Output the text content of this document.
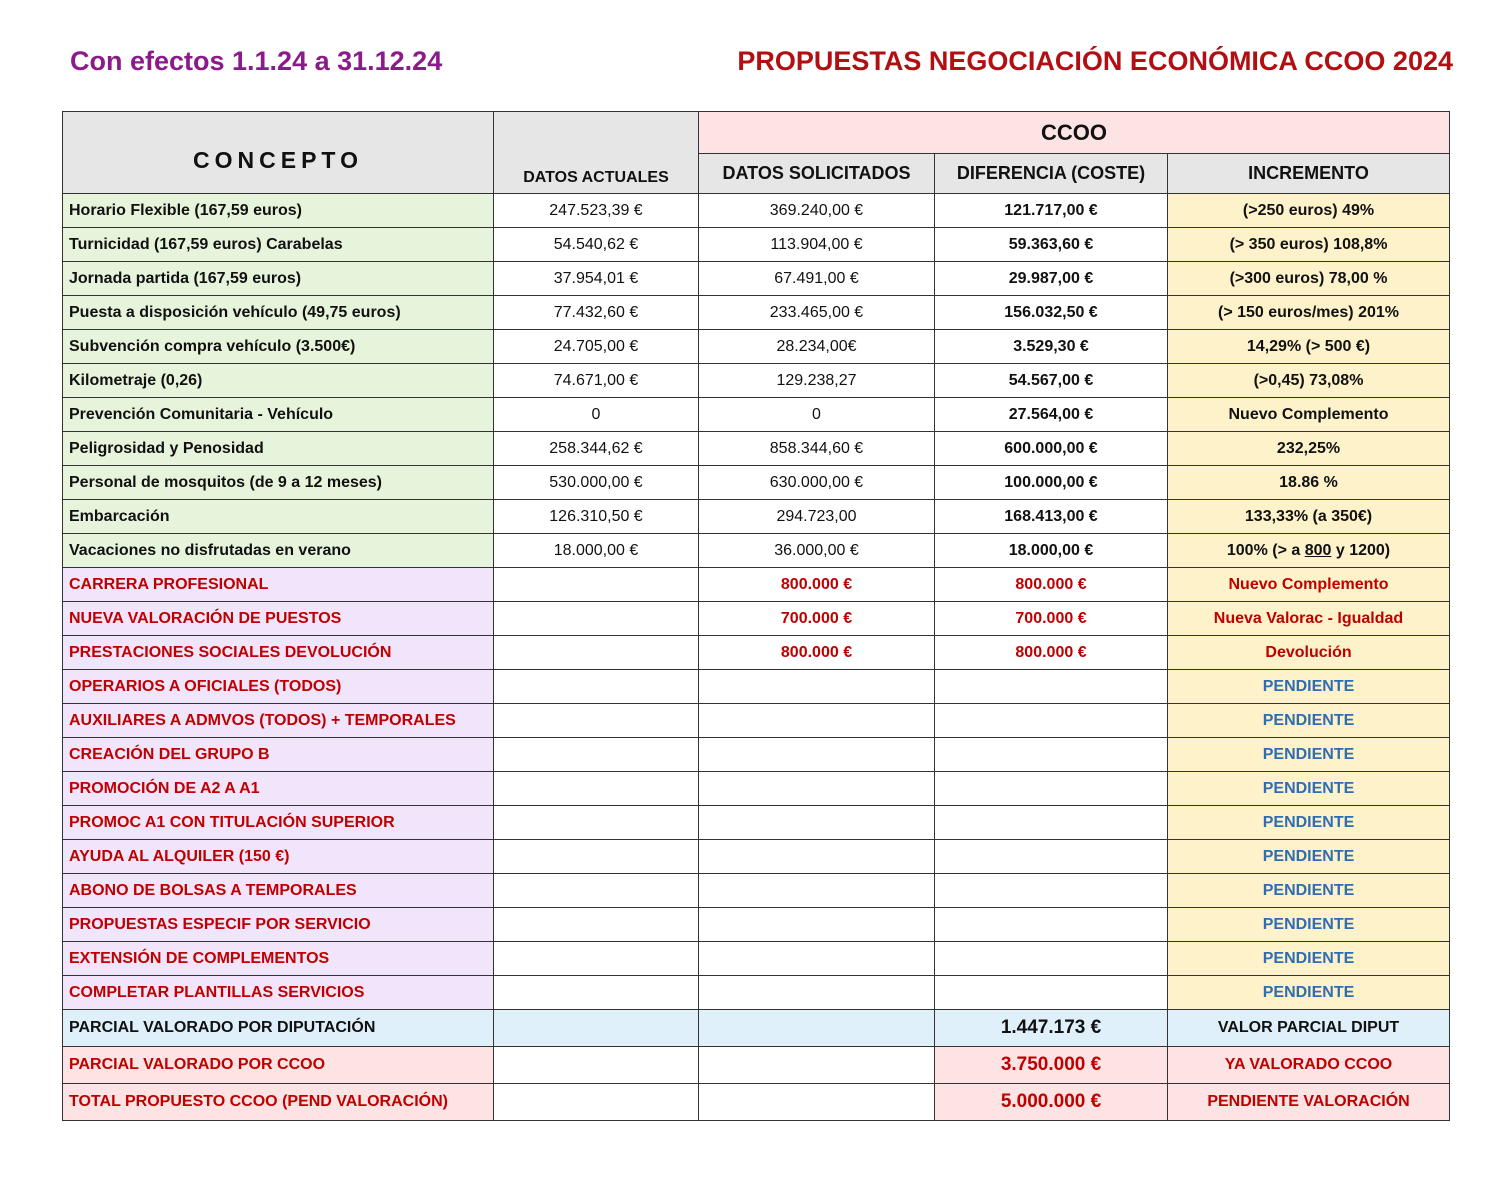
Con efectos 1.1.24 a 31.12.24	PROPUESTAS NEGOCIACIÓN ECONÓMICA CCOO 2024
CONCEPTO	DATOS ACTUALES	CCOO		
		DATOS SOLICITADOS	DIFERENCIA (COSTE)	INCREMENTO
Horario Flexible (167,59 euros)	247.523,39 €	369.240,00 €	121.717,00 €	(>250 euros) 49%
Turnicidad (167,59 euros) Carabelas	54.540,62 €	113.904,00 €	59.363,60 €	(> 350 euros) 108,8%
Jornada partida (167,59 euros)	37.954,01 €	67.491,00 €	29.987,00 €	(>300 euros) 78,00 %
Puesta a disposición vehículo (49,75 euros)	77.432,60 €	233.465,00 €	156.032,50 €	(> 150 euros/mes) 201%
Subvención compra vehículo (3.500€)	24.705,00 €	28.234,00€	3.529,30 €	14,29% (> 500 €)
Kilometraje (0,26)	74.671,00 €	129.238,27	54.567,00 €	(>0,45) 73,08%
Prevención Comunitaria - Vehículo	0	0	27.564,00 €	Nuevo Complemento
Peligrosidad y Penosidad	258.344,62 €	858.344,60 €	600.000,00 €	232,25%
Personal de mosquitos (de 9 a 12 meses)	530.000,00 €	630.000,00 €	100.000,00 €	18.86 %
Embarcación	126.310,50 €	294.723,00	168.413,00 €	133,33% (a 350€)
Vacaciones no disfrutadas en verano	18.000,00 €	36.000,00 €	18.000,00 €	100% (> a 800 y 1200)
CARRERA PROFESIONAL		800.000 €	800.000 €	Nuevo Complemento
NUEVA VALORACIÓN DE PUESTOS		700.000 €	700.000 €	Nueva Valorac - Igualdad
PRESTACIONES SOCIALES DEVOLUCIÓN		800.000 €	800.000 €	Devolución
OPERARIOS A OFICIALES (TODOS)				PENDIENTE
AUXILIARES A ADMVOS (TODOS) + TEMPORALES				PENDIENTE
CREACIÓN DEL GRUPO B				PENDIENTE
PROMOCIÓN DE A2 A A1				PENDIENTE
PROMOC A1 CON TITULACIÓN SUPERIOR				PENDIENTE
AYUDA AL ALQUILER (150 €)				PENDIENTE
ABONO DE BOLSAS A TEMPORALES				PENDIENTE
PROPUESTAS ESPECIF POR SERVICIO				PENDIENTE
EXTENSIÓN DE COMPLEMENTOS				PENDIENTE
COMPLETAR PLANTILLAS SERVICIOS				PENDIENTE
PARCIAL VALORADO POR DIPUTACIÓN			1.447.173 €	VALOR PARCIAL DIPUT
PARCIAL VALORADO POR CCOO			3.750.000 €	YA VALORADO CCOO
TOTAL PROPUESTO CCOO (PEND VALORACIÓN)			5.000.000 €	PENDIENTE VALORACIÓN
